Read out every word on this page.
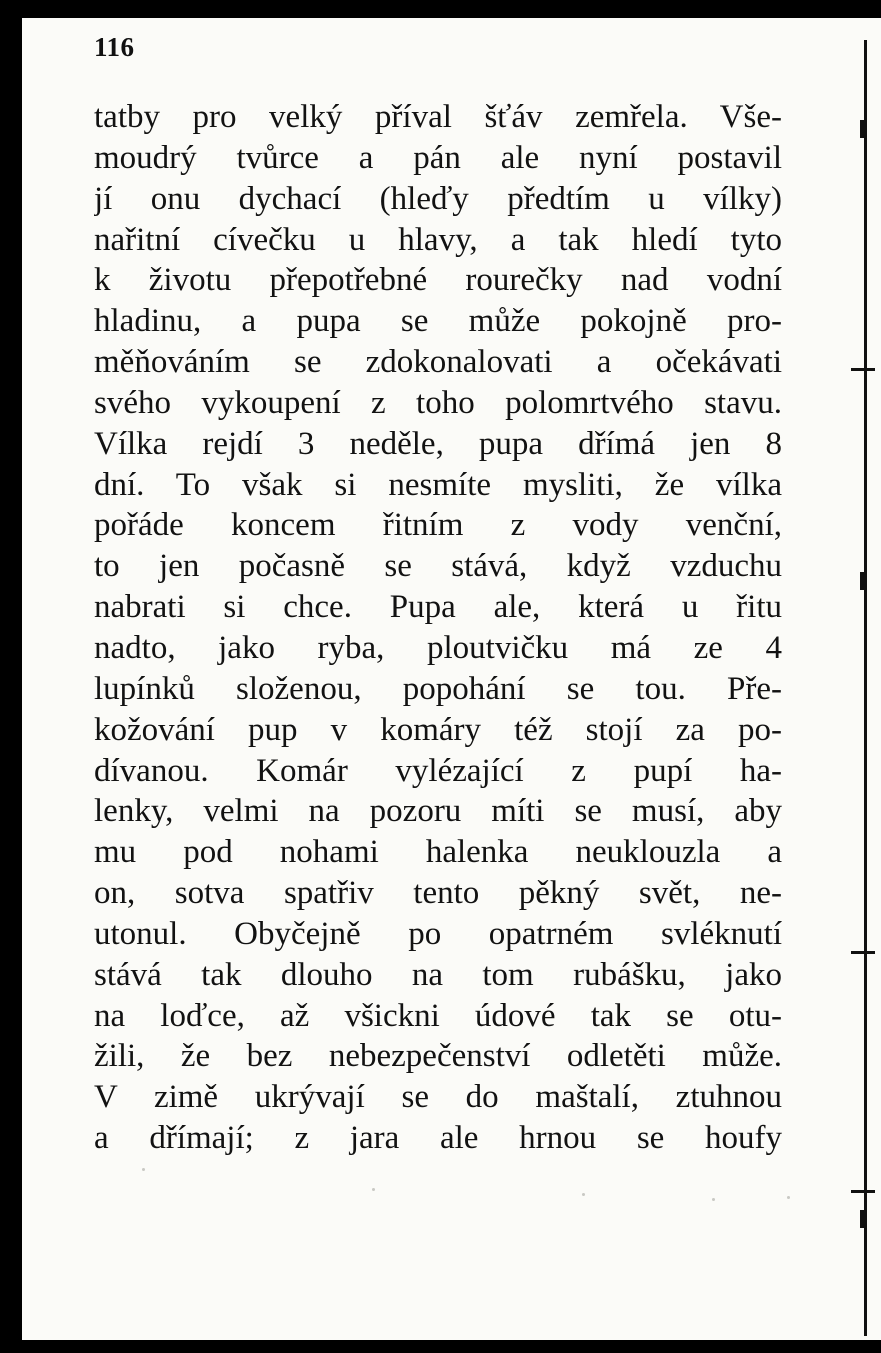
116
tatby pro velký příval šťáv zemřela. Vše-
moudrý tvůrce a pán ale nyní postavil
jí onu dychací (hleďy předtím u vílky)
nařitní cívečku u hlavy, a tak hledí tyto
k životu přepotřebné rourečky nad vodní
hladinu, a pupa se může pokojně pro-
měňováním se zdokonalovati a očekávati
svého vykoupení z toho polomrtvého stavu.
Vílka rejdí 3 neděle, pupa dřímá jen 8
dní. To však si nesmíte mysliti, že vílka
pořáde koncem řitním z vody venční,
to jen počasně se stává, když vzduchu
nabrati si chce. Pupa ale, která u řitu
nadto, jako ryba, ploutvičku má ze 4
lupínků složenou, popohání se tou. Pře-
kožování pup v komáry též stojí za po-
dívanou. Komár vylézající z pupí ha-
lenky, velmi na pozoru míti se musí, aby
mu pod nohami halenka neuklouzla a
on, sotva spatřiv tento pěkný svět, ne-
utonul. Obyčejně po opatrném svléknutí
stává tak dlouho na tom rubášku, jako
na loďce, až všickni údové tak se otu-
žili, že bez nebezpečenství odletěti může.
V zimě ukrývají se do maštalí, ztuhnou
a dřímají; z jara ale hrnou se houfy
